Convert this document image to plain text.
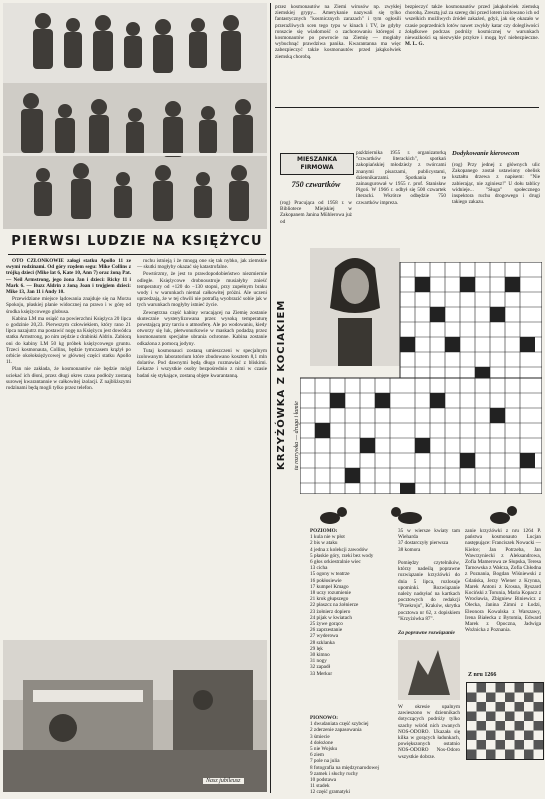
PIERWSI LUDZIE NA KSIĘŻYCU

OTO CZŁONKOWIE załogi statku Apollo 11 ze swymi rodzinami. Od góry rzędem segu: Mike Collins z trójką dzieci (Mike lat 6, Kate 10, Ann 7) oraz żoną Pat. — Neil Armstrong, jego żona Jan i dzieci: Ricky 11 i Mark 6. — Buzz Aldrin z żoną Joan i trojgiem dzieci: Mike 13, Jan 11 i Andy 10.

Przewidziane miejsce lądowania znajduje się na Morzu Spokoju, płaskiej planie widocznej na prawo i w górę od środka księżycowego globusa.

Kabina LM ma osiąść na powierzchni Księżyca 20 lipca o godzinie 20,23. Pierwszym człowiekiem, który rano 21 lipca nazajutrz ma postawić nogę na Księżycu jest dowódca statku Armstrong, po nim zejdzie z drabinki Aldrin. Zabiorą oni do kabiny LM 50 kg próbek księżycowego gruntu. Trzeci kosmonauta, Collins, będzie tymczasem krążył po orbicie okołoksiężycowej w głównej części statku Apollo 11.

Plan nie zakłada, że kosmonautów nie będzie mógł uciekać ich dłoni, przez długi okres czasu podłoży zostaną surowej kwarantannie w całkowitej izolacji. Z najbliższymi rodzinami będą mogli tylko przez telefon.

ruchu istnieją i że mnogą one się tak nybko, jak ziemskie — skutki mogłyby okazać się katastrofalne.

Powtórzmy, że jest to prawdopodobieństwo niezmiernie odległe. Księżycowe drobnoustroje musiałyby znieść temperatury od +120 do −130 stopni, przy zupełnym braku wody i w warunkach niemal całkowitej próżni. Ale uczeni uprzedzają, że w tej chwili nie potrafią wyobrazić sobie jak w tych warunkach mogłyby istnieć życie.

Zewnętrzna część kabiny wracającej na Ziemię zostanie skutecznie wysterylizowana przez wysoką temperaturę powstającą przy tarciu o atmosferę. Ale po wodowaniu, kiedy otworzy się luk, płetwonurkowie w maskach podadzą przez kosmonautom specjalne ubrania ochronne. Kabina zostanie odkażona z pomocą jodyny.

Tutaj kosmonauci zostaną umieszczeni w specjalnym izolowanym laboratorium które zbudowano kosztem 8,1 mln dolarów. Pod dawnymi będą długo rozmawiać z bliskimi. Lekarze i wszystkie osoby bezpośrednio z nimi w czasie badań się stykające, zostaną objęte kwarantanną.

Nasz jubileusz
przez kosmonautów na Ziemi wirusów np. zwykłej ziemskiej grypy... Amerykanie nazywali się tylko fantastycznych "kosmicznych zarazach" i tym ogłosili przeraźliwych scen tego typu w kinach i TV, że gdyby ronszcie się wiadomość o zachorowaniu któregoś z kosmonautów po powrocie na Ziemię — mogłaby wybuchnąć prawdziwa panika. Kwarantanna ma więc zabezpieczyć także kosmonautów przed jakąkolwiek ziemską chorobą.
bezpieczyć także kosmonautów przed jakąkolwiek ziemską chorobą. Zresztą już za szereg dni przed lotem izolowano ich od wszelkich możliwych źródeł zakażeń, gdyż, jak się okazało w czasie poprzednich lotów nawet zwykły katar czy dolegliwości żołądkowe podczas podróży kosmicznej w warunkach nieważkości są niezwykle przykre i mogą być niebezpieczne. M. L. G.
MIESZANKA FIRMOWA
750 czwartków
(rog) Pracująca od 1958 r. w Bibliotece Miejskiej w Zakopanem Janina Mühlerowa już od
października 1955 r. organizatorką "czwartków literackich", spotkań zakopiańskiej młodzieży z twórcami znanymi pisarzami, publicystami, dziennikarzami. Spotkania te zainaugurował w 1955 r. prof. Stanisław Pigoń. W 1966 r. odbył się 500 czwartek literacki. Wkrótce odbędzie 750 czwartków impreza.
Dodykowanie kierowcom
(rog) Przy jednej z głównych ulic Zakopanego został ustawiony obelisk kształtu drzewa z napisem: "Nie zabierając, nie zginiesz!" U dołu tablicy widnieje... "Sługa" społecznego inspektora ruchu drogowego i drugi takiego zakazu.
KRZYŻÓWKA Z KOCIAKIEM ta rozrywka — druga i łamie
POZIOMO:
1 kula nie w płot
2 bis w ataku
4 jedna z kolekcji zawodów
5 płaskie góry, rzeki bez wody
6 głos orkiestralnie wiec
13 cicha
15 ogony w teatrze
16 pokłosiewie
17 kumpel Kmago
18 uczy rozumienie
21 krok głupszego
22 płaszcz na żołnierze
23 żołnierz dopiero
24 pijak w kwiatach
25 żywe gorąco
26 zaprzestanie
27 wyderowa
28 szklanka
29 lęk
30 kimno
31 nogy
32 zapadł
33 Merkur
35 w wiersze kwiaty tam Wieharda
37 dostarczyły pierwsza
38 komora
Pomiędzy czytelników, którzy nadeślą poprawne rozwiązanie krzyżówki do dnia 5 lipca, rozlosuje upominki. Rozwiązanie należy nadsyłać na kartkach pocztowych do redakcji "Przekroju", Kraków, skrytka pocztowa nr 62, z dopiskiem "Krzyżówka 87".
Za poprawne rozwiązanie
PIONOWO:
1 dwudaniata część szybciej
2 zderzenie zapasowania
3 śmiecie
4 dołożone
5 nie Wojsku
6 ziem
7 pole na julia
8 fotografia na międzynarodowej
9 zamek i słuchy ruchy
10 podstawa
11 stadek
12 część gramatyki
W okresie upalnym zawieszono w dziennikach dotyczących podróży tylko szachy wśród nich zwanych NOS-ODORO. Ukazała się kilka w gorących ładunkach, powiększonych ostatnio NOS-ODORO Nos-Odoro wszystkie dobrze.
zanie krzyżówki z nru 1264 P. państwa kosmonauto Lucjan następujące: Franciszek Nowacki — Kielce; Jan Potrzeba, Jan Wawrzyniecki z Aleksandrowa, Zofia Mamerowa ze Słupska, Teresa Tarnowska z Wałcza, Zofia Chłodna z Poznania, Bogdan Wiśniewski z Gdańska, Jerzy Wiener z Krynna, Marek Antoni z Krosna, Ryszard Kociński z Torunia, Maria Kopacz z Wrocławia, Zbigniew Biniewicz z Olecka, Janina Zimni z Łodzi, Eleonora Kowalska z Warszawy, Irena Białecka z Bytomia, Edward Marek z Opoczna, Jadwiga Woźnicka z Poznania.
Z nru 1266
